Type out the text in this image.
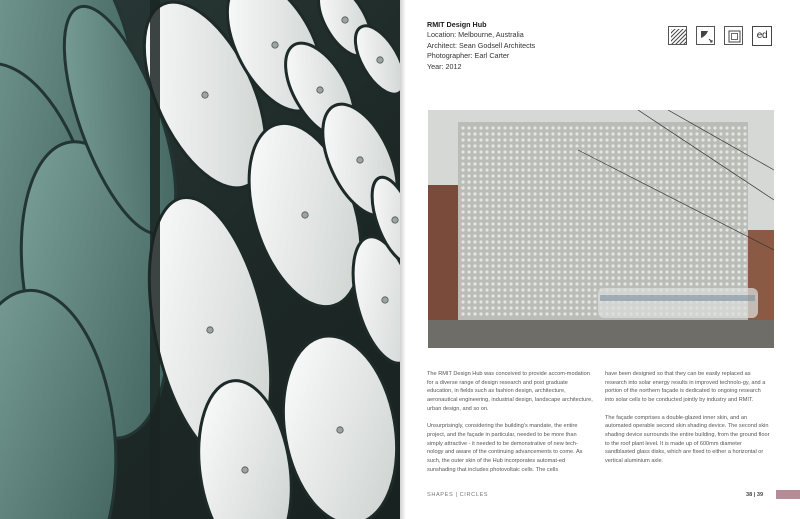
RMIT Design Hub
Location: Melbourne, Australia
Architect: Sean Godsell Architects
Photographer: Earl Carter
Year: 2012
ed

The RMIT Design Hub was conceived to provide accom-modation for a diverse range of design research and post graduate education, in fields such as fashion design, architecture, aeronautical engineering, industrial design, landscape architecture, urban design, and so on.

Unsurprisingly, considering the building's mandate, the entire project, and the façade in particular, needed to be more than simply attractive - it needed to be demonstrative of new tech-nology and aware of the continuing advancements to come. As such, the outer skin of the Hub incorporates automat-ed sunshading that includes photovoltaic cells. The cells

have been designed so that they can be easily replaced as research into solar energy results in improved technolo-gy, and a portion of the northern façade is dedicated to ongoing research into solar cells to be conducted jointly by industry and RMIT.

The façade comprises a double-glazed inner skin, and an automated operable second skin shading device. The second skin shading device surrounds the entire building, from the ground floor to the roof plant level. It is made up of 600mm diameter sandblasted glass disks, which are fixed to either a horizontal or vertical aluminium axle.

SHAPES | CIRCLES	38 | 39
